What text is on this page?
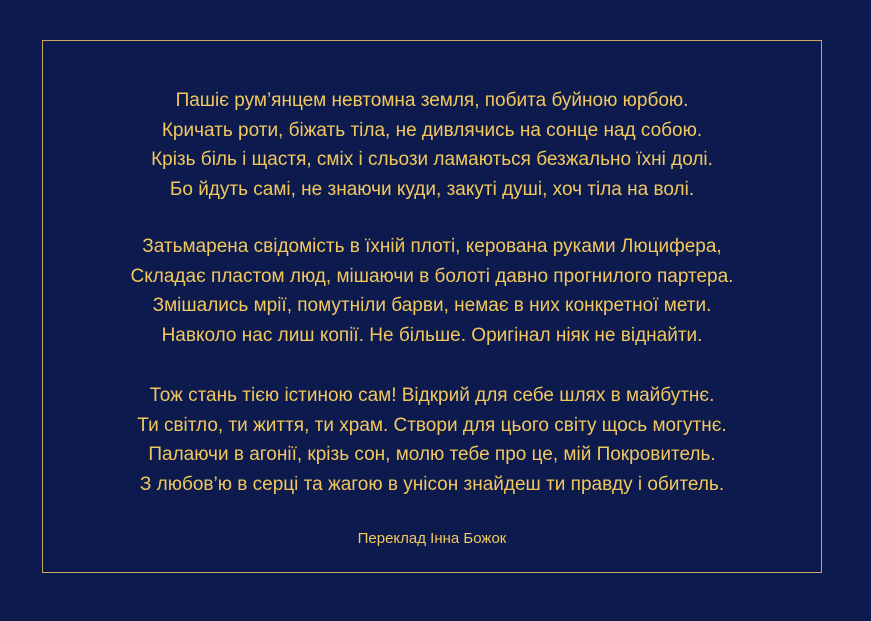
Пашіє рум’янцем невтомна земля, побита буйною юрбою.
Кричать роти, біжать тіла, не дивлячись на сонце над собою.
Крізь біль і щастя, сміх і сльози ламаються безжально їхні долі.
Бо йдуть самі, не знаючи куди, закуті душі, хоч тіла на волі.
Затьмарена свідомість в їхній плоті, керована руками Люцифера,
Складає пластом люд, мішаючи в болоті давно прогнилого партера.
Змішались мрії, помутніли барви, немає в них конкретної мети.
Навколо нас лиш копії. Не більше. Оригінал ніяк не віднайти.
Тож стань тією істиною сам! Відкрий для себе шлях в майбутнє.
Ти світло, ти життя, ти храм. Створи для цього світу щось могутнє.
Палаючи в агонії, крізь сон, молю тебе про це, мій Покровитель.
З любов’ю в серці та жагою в унісон знайдеш ти правду і обитель.
Переклад Інна Божок
